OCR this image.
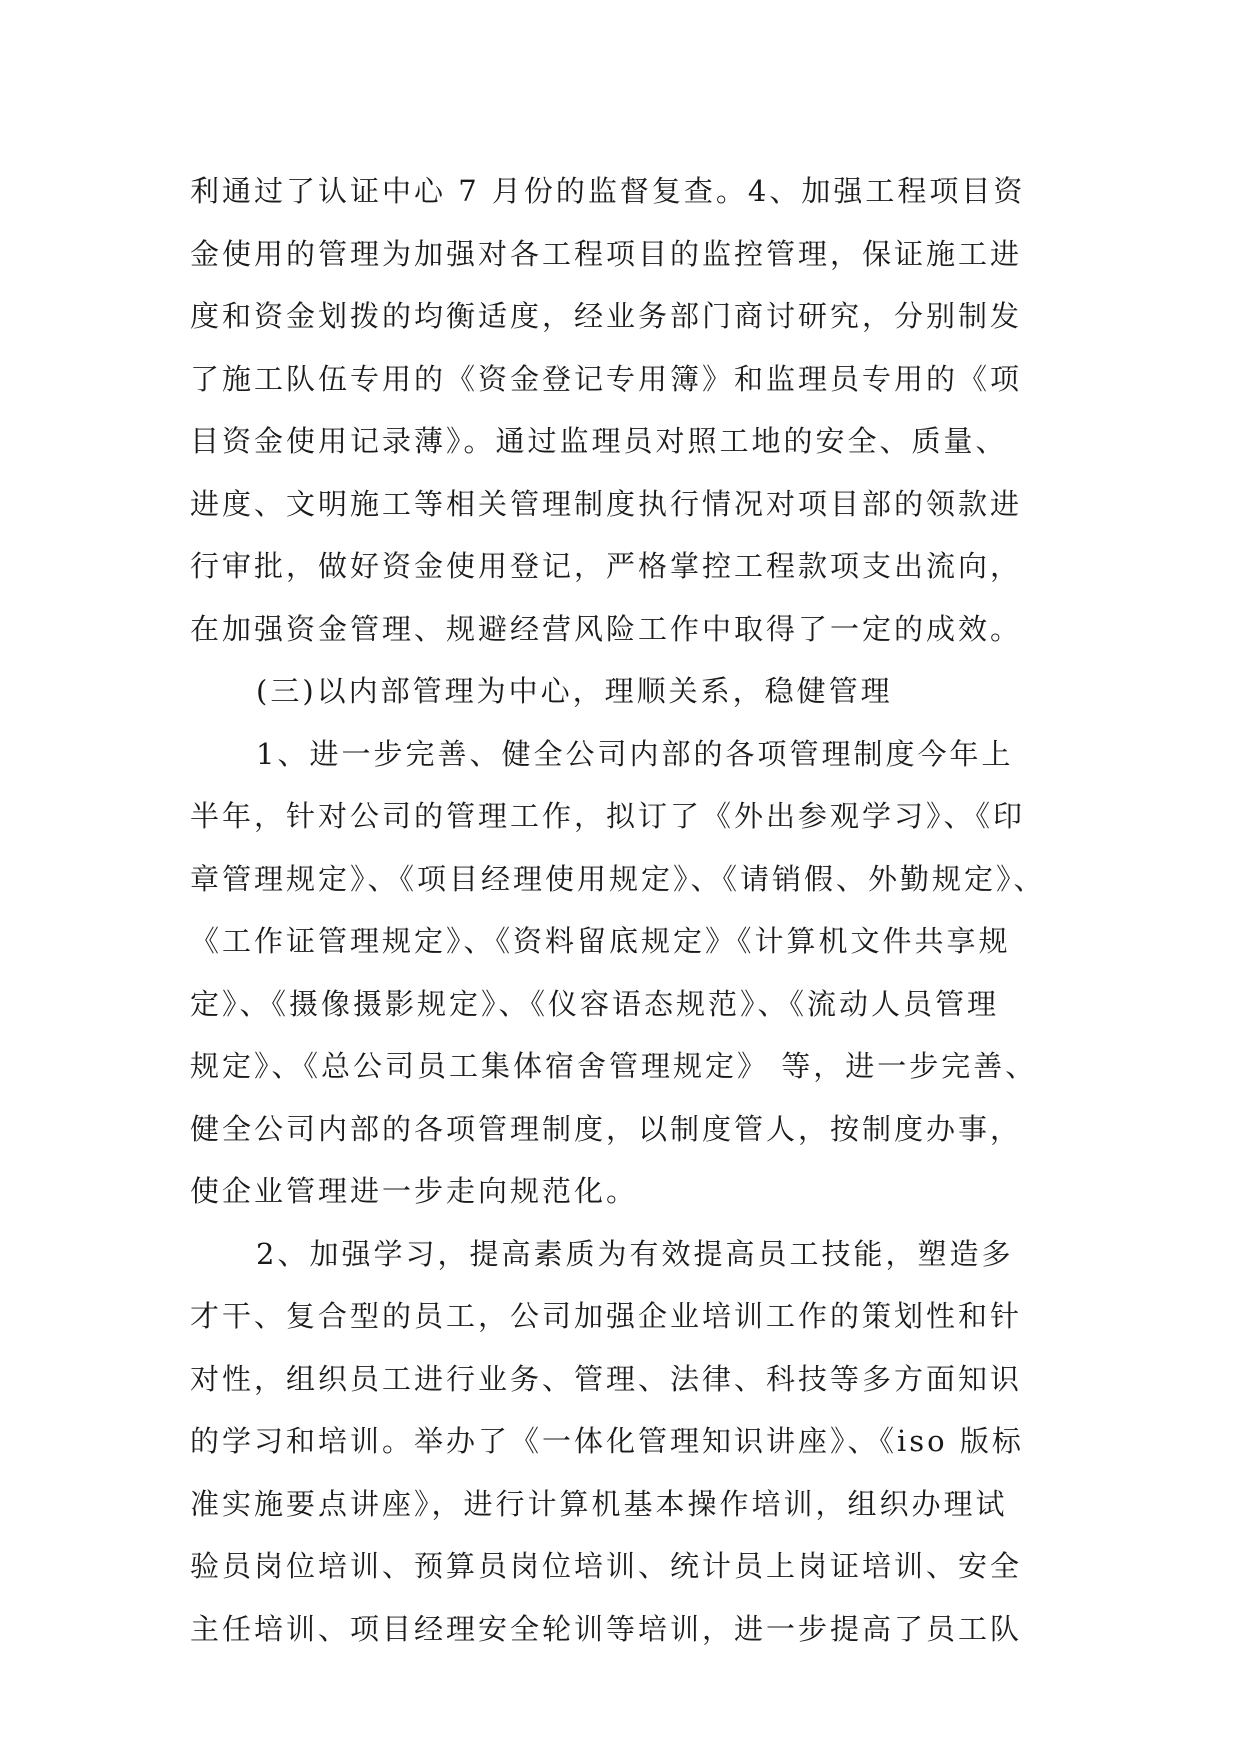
利通过了认证中心 7 月份的监督复查。4、加强工程项目资
金使用的管理为加强对各工程项目的监控管理，保证施工进
度和资金划拨的均衡适度，经业务部门商讨研究，分别制发
了施工队伍专用的《资金登记专用簿》和监理员专用的《项
目资金使用记录薄》。通过监理员对照工地的安全、质量、
进度、文明施工等相关管理制度执行情况对项目部的领款进
行审批，做好资金使用登记，严格掌控工程款项支出流向，
在加强资金管理、规避经营风险工作中取得了一定的成效。
(三)以内部管理为中心，理顺关系，稳健管理
1、进一步完善、健全公司内部的各项管理制度今年上
半年，针对公司的管理工作，拟订了《外出参观学习》、《印
章管理规定》、《项目经理使用规定》、《请销假、外勤规定》、
《工作证管理规定》、《资料留底规定》《计算机文件共享规
定》、《摄像摄影规定》、《仪容语态规范》、《流动人员管理
规定》、《总公司员工集体宿舍管理规定》 等，进一步完善、
健全公司内部的各项管理制度，以制度管人，按制度办事，
使企业管理进一步走向规范化。
2、加强学习，提高素质为有效提高员工技能，塑造多
才干、复合型的员工，公司加强企业培训工作的策划性和针
对性，组织员工进行业务、管理、法律、科技等多方面知识
的学习和培训。举办了《一体化管理知识讲座》、《iso 版标
准实施要点讲座》，进行计算机基本操作培训，组织办理试
验员岗位培训、预算员岗位培训、统计员上岗证培训、安全
主任培训、项目经理安全轮训等培训，进一步提高了员工队
